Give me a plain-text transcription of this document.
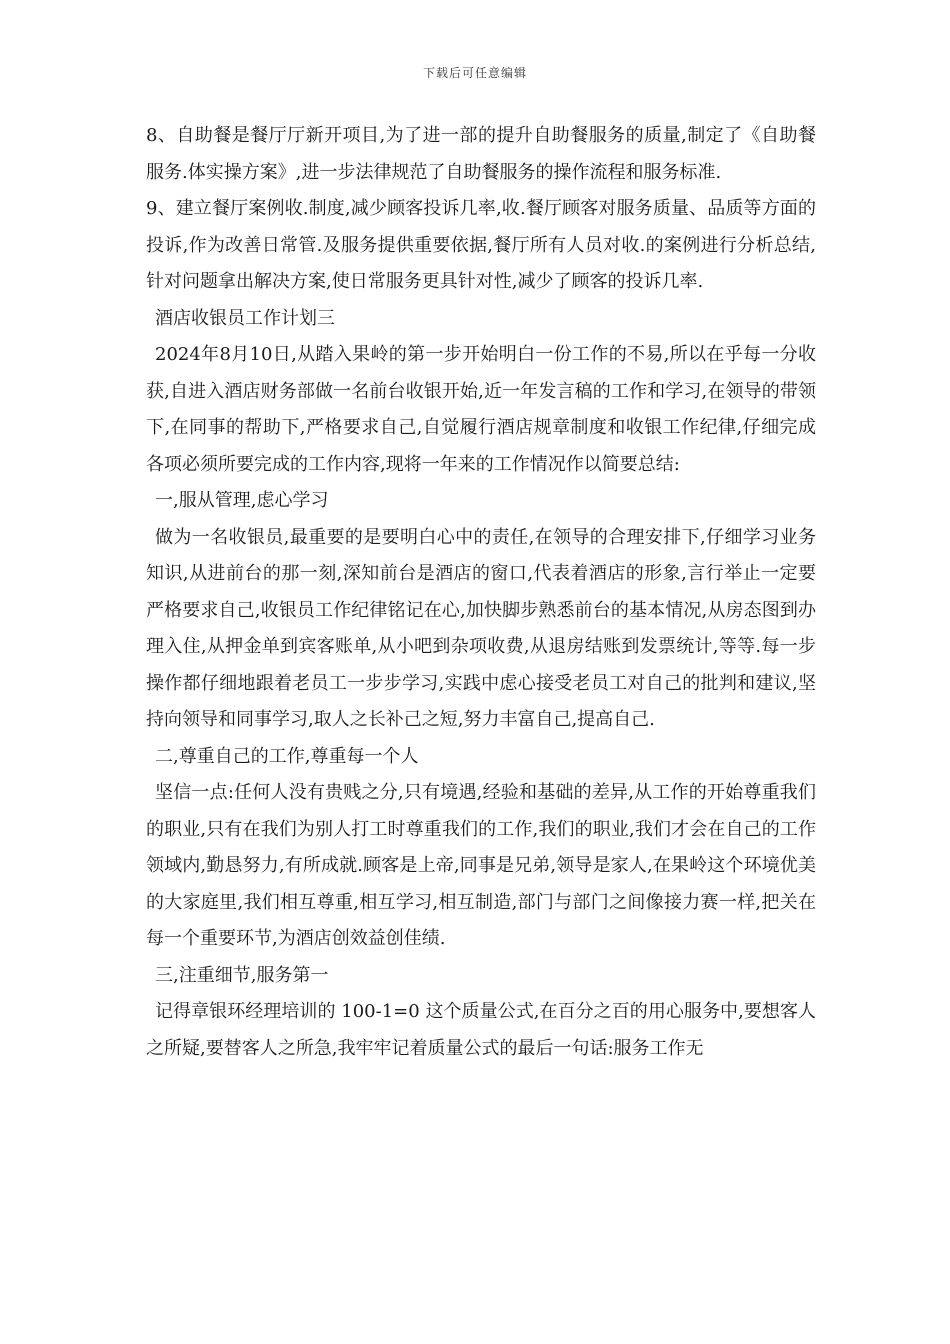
下载后可任意编辑

8、自助餐是餐厅厅新开项目,为了进一部的提升自助餐服务的质量,制定了《自助餐服务.体实操方案》,进一步法律规范了自助餐服务的操作流程和服务标准.

9、建立餐厅案例收.制度,减少顾客投诉几率,收.餐厅顾客对服务质量、品质等方面的投诉,作为改善日常管.及服务提供重要依据,餐厅所有人员对收.的案例进行分析总结,针对问题拿出解决方案,使日常服务更具针对性,减少了顾客的投诉几率.

酒店收银员工作计划三

2024年8月10日,从踏入果岭的第一步开始明白一份工作的不易,所以在乎每一分收获,自进入酒店财务部做一名前台收银开始,近一年发言稿的工作和学习,在领导的带领下,在同事的帮助下,严格要求自己,自觉履行酒店规章制度和收银工作纪律,仔细完成各项必须所要完成的工作内容,现将一年来的工作情况作以简要总结:

一,服从管理,虑心学习

做为一名收银员,最重要的是要明白心中的责任,在领导的合理安排下,仔细学习业务知识,从进前台的那一刻,深知前台是酒店的窗口,代表着酒店的形象,言行举止一定要严格要求自己,收银员工作纪律铭记在心,加快脚步熟悉前台的基本情况,从房态图到办理入住,从押金单到宾客账单,从小吧到杂项收费,从退房结账到发票统计,等等.每一步操作都仔细地跟着老员工一步步学习,实践中虑心接受老员工对自己的批判和建议,坚持向领导和同事学习,取人之长补己之短,努力丰富自己,提高自己.

二,尊重自己的工作,尊重每一个人

坚信一点:任何人没有贵贱之分,只有境遇,经验和基础的差异,从工作的开始尊重我们的职业,只有在我们为别人打工时尊重我们的工作,我们的职业,我们才会在自己的工作领域内,勤恳努力,有所成就.顾客是上帝,同事是兄弟,领导是家人,在果岭这个环境优美的大家庭里,我们相互尊重,相互学习,相互制造,部门与部门之间像接力赛一样,把关在每一个重要环节,为酒店创效益创佳绩.

三,注重细节,服务第一

记得章银环经理培训的 100-1=0 这个质量公式,在百分之百的用心服务中,要想客人之所疑,要替客人之所急,我牢牢记着质量公式的最后一句话:服务工作无
